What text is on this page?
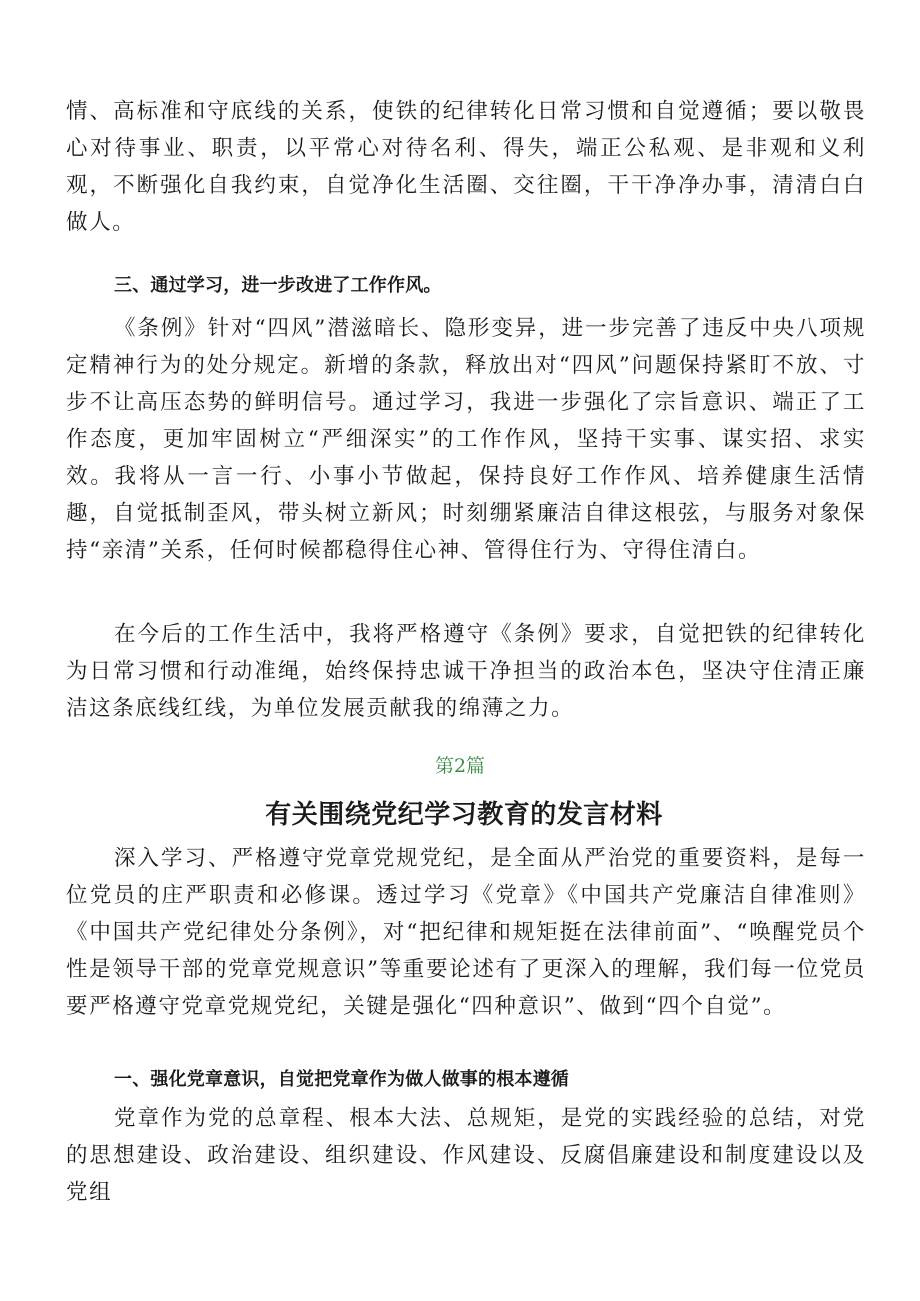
情、高标准和守底线的关系，使铁的纪律转化日常习惯和自觉遵循；要以敬畏心对待事业、职责，以平常心对待名利、得失，端正公私观、是非观和义利观，不断强化自我约束，自觉净化生活圈、交往圈，干干净净办事，清清白白做人。

三、通过学习，进一步改进了工作作风。

《条例》针对“四风”潜滋暗长、隐形变异，进一步完善了违反中央八项规定精神行为的处分规定。新增的条款，释放出对“四风”问题保持紧盯不放、寸步不让高压态势的鲜明信号。通过学习，我进一步强化了宗旨意识、端正了工作态度，更加牢固树立“严细深实”的工作作风，坚持干实事、谋实招、求实效。我将从一言一行、小事小节做起，保持良好工作作风、培养健康生活情趣，自觉抵制歪风，带头树立新风；时刻绷紧廉洁自律这根弦，与服务对象保持“亲清”关系，任何时候都稳得住心神、管得住行为、守得住清白。

在今后的工作生活中，我将严格遵守《条例》要求，自觉把铁的纪律转化为日常习惯和行动准绳，始终保持忠诚干净担当的政治本色，坚决守住清正廉洁这条底线红线，为单位发展贡献我的绵薄之力。

第2篇

有关围绕党纪学习教育的发言材料

深入学习、严格遵守党章党规党纪，是全面从严治党的重要资料，是每一位党员的庄严职责和必修课。透过学习《党章》《中国共产党廉洁自律准则》《中国共产党纪律处分条例》，对“把纪律和规矩挺在法律前面”、“唤醒党员个性是领导干部的党章党规意识”等重要论述有了更深入的理解，我们每一位党员要严格遵守党章党规党纪，关键是强化“四种意识”、做到“四个自觉”。

一、强化党章意识，自觉把党章作为做人做事的根本遵循

党章作为党的总章程、根本大法、总规矩，是党的实践经验的总结，对党的思想建设、政治建设、组织建设、作风建设、反腐倡廉建设和制度建设以及党组
